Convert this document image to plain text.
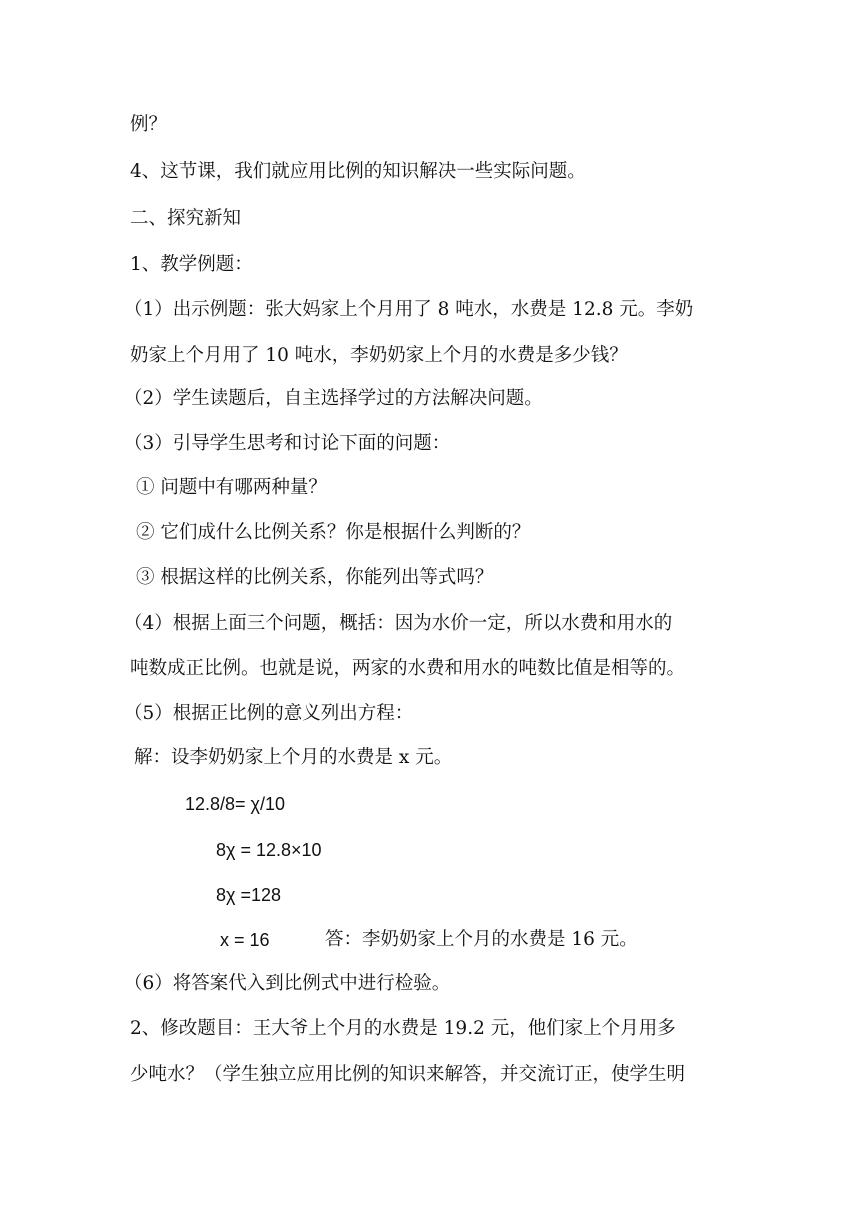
例？
4、这节课，我们就应用比例的知识解决一些实际问题。
二、探究新知
1、教学例题：
（1）出示例题：张大妈家上个月用了 8 吨水，水费是 12.8 元。李奶
奶家上个月用了 10 吨水，李奶奶家上个月的水费是多少钱？
（2）学生读题后，自主选择学过的方法解决问题。
（3）引导学生思考和讨论下面的问题：
① 问题中有哪两种量？
② 它们成什么比例关系？你是根据什么判断的？
③ 根据这样的比例关系，你能列出等式吗？
（4）根据上面三个问题，概括：因为水价一定，所以水费和用水的
吨数成正比例。也就是说，两家的水费和用水的吨数比值是相等的。
（5）根据正比例的意义列出方程：
解：设李奶奶家上个月的水费是 x 元。
12.8/8= χ/10
8χ = 12.8×10
8χ =128
x = 16	答：李奶奶家上个月的水费是 16 元。
（6）将答案代入到比例式中进行检验。
2、修改题目：王大爷上个月的水费是 19.2 元，他们家上个月用多
少吨水？（学生独立应用比例的知识来解答，并交流订正，使学生明
